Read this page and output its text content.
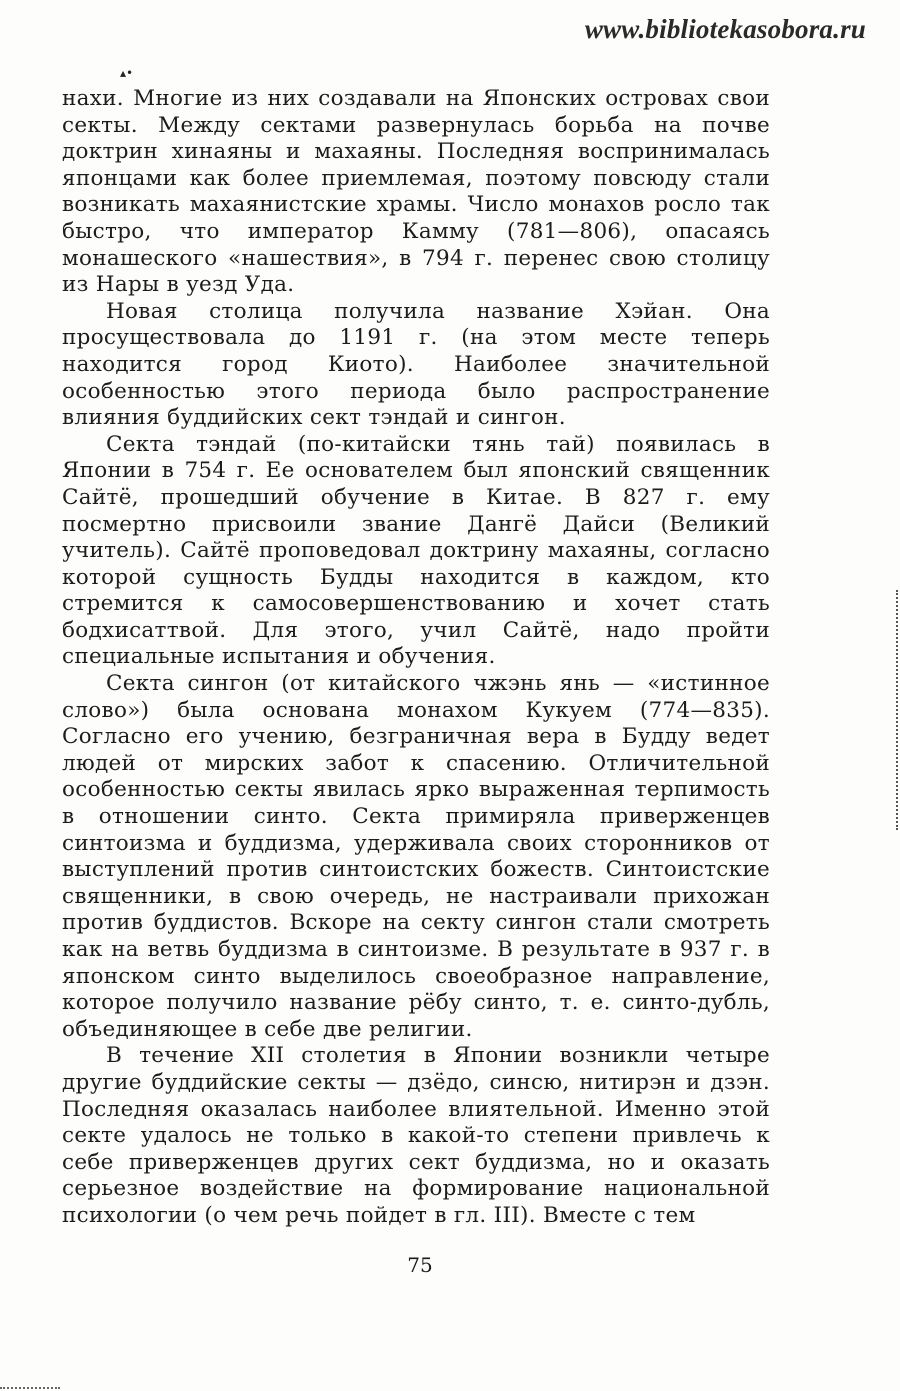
www.bibliotekasobora.ru
▴•

нахи. Многие из них создавали на Японских островах свои секты. Между сектами развернулась борьба на почве доктрин хинаяны и махаяны. Последняя воспринималась японцами как более приемлемая, поэтому повсюду стали возникать махаянистские храмы. Число монахов росло так быстро, что император Камму (781—806), опасаясь монашеского «нашествия», в 794 г. перенес свою столицу из Нары в уезд Уда.

Новая столица получила название Хэйан. Она просуществовала до 1191 г. (на этом месте теперь находится город Киото). Наиболее значительной особенностью этого периода было распространение влияния буддийских сект тэндай и сингон.

Секта тэндай (по-китайски тянь тай) появилась в Японии в 754 г. Ее основателем был японский священник Сайтё, прошедший обучение в Китае. В 827 г. ему посмертно присвоили звание Дангё Дайси (Великий учитель). Сайтё проповедовал доктрину махаяны, согласно которой сущность Будды находится в каждом, кто стремится к самосовершенствованию и хочет стать бодхисаттвой. Для этого, учил Сайтё, надо пройти специальные испытания и обучения.

Секта сингон (от китайского чжэнь янь — «истинное слово») была основана монахом Кукуем (774—835). Согласно его учению, безграничная вера в Будду ведет людей от мирских забот к спасению. Отличительной особенностью секты явилась ярко выраженная терпимость в отношении синто. Секта примиряла приверженцев синтоизма и буддизма, удерживала своих сторонников от выступлений против синтоистских божеств. Синтоистские священники, в свою очередь, не настраивали прихожан против буддистов. Вскоре на секту сингон стали смотреть как на ветвь буддизма в синтоизме. В результате в 937 г. в японском синто выделилось своеобразное направление, которое получило название рёбу синто, т. е. синто-дубль, объединяющее в себе две религии.

В течение XII столетия в Японии возникли четыре другие буддийские секты — дзёдо, синсю, нитирэн и дзэн. Последняя оказалась наиболее влиятельной. Именно этой секте удалось не только в какой-то степени привлечь к себе приверженцев других сект буддизма, но и оказать серьезное воздействие на формирование национальной психологии (о чем речь пойдет в гл. III). Вместе с тем

75
